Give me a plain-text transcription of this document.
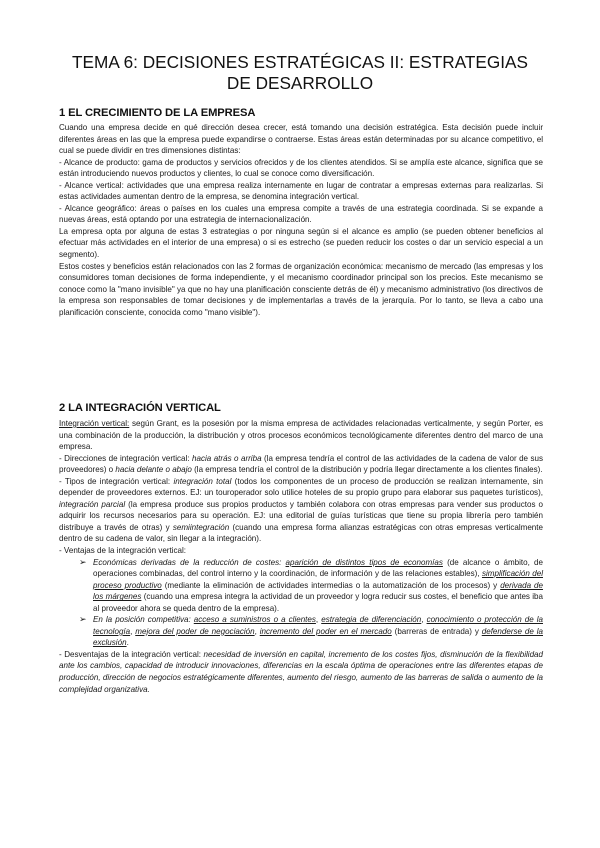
TEMA 6: DECISIONES ESTRATÉGICAS II: ESTRATEGIAS DE DESARROLLO
1 EL CRECIMIENTO DE LA EMPRESA

Cuando una empresa decide en qué dirección desea crecer, está tomando una decisión estratégica. Esta decisión puede incluir diferentes áreas en las que la empresa puede expandirse o contraerse. Estas áreas están determinadas por su alcance competitivo, el cual se puede dividir en tres dimensiones distintas:

- Alcance de producto: gama de productos y servicios ofrecidos y de los clientes atendidos. Si se amplía este alcance, significa que se están introduciendo nuevos productos y clientes, lo cual se conoce como diversificación.

- Alcance vertical: actividades que una empresa realiza internamente en lugar de contratar a empresas externas para realizarlas. Si estas actividades aumentan dentro de la empresa, se denomina integración vertical.

- Alcance geográfico: áreas o países en los cuales una empresa compite a través de una estrategia coordinada. Si se expande a nuevas áreas, está optando por una estrategia de internacionalización.

La empresa opta por alguna de estas 3 estrategias o por ninguna según si el alcance es amplio (se pueden obtener beneficios al efectuar más actividades en el interior de una empresa) o si es estrecho (se pueden reducir los costes o dar un servicio especial a un segmento).

Estos costes y beneficios están relacionados con las 2 formas de organización económica: mecanismo de mercado (las empresas y los consumidores toman decisiones de forma independiente, y el mecanismo coordinador principal son los precios. Este mecanismo se conoce como la "mano invisible" ya que no hay una planificación consciente detrás de él) y mecanismo administrativo (los directivos de la empresa son responsables de tomar decisiones y de implementarlas a través de la jerarquía. Por lo tanto, se lleva a cabo una planificación consciente, conocida como "mano visible").

2 LA INTEGRACIÓN VERTICAL

Integración vertical: según Grant, es la posesión por la misma empresa de actividades relacionadas verticalmente, y según Porter, es una combinación de la producción, la distribución y otros procesos económicos tecnológicamente diferentes dentro del marco de una empresa.

- Direcciones de integración vertical: hacia atrás o arriba (la empresa tendría el control de las actividades de la cadena de valor de sus proveedores) o hacia delante o abajo (la empresa tendría el control de la distribución y podría llegar directamente a los clientes finales).

- Tipos de integración vertical: integración total (todos los componentes de un proceso de producción se realizan internamente, sin depender de proveedores externos. EJ: un touroperador solo utilice hoteles de su propio grupo para elaborar sus paquetes turísticos), integración parcial (la empresa produce sus propios productos y también colabora con otras empresas para vender sus productos o adquirir los recursos necesarios para su operación. EJ: una editorial de guías turísticas que tiene su propia librería pero también distribuye a través de otras) y semiintegración (cuando una empresa forma alianzas estratégicas con otras empresas verticalmente dentro de su cadena de valor, sin llegar a la integración).

- Ventajas de la integración vertical:

➢ Económicas derivadas de la reducción de costes: aparición de distintos tipos de economías (de alcance o ámbito, de operaciones combinadas, del control interno y la coordinación, de información y de las relaciones estables), simplificación del proceso productivo (mediante la eliminación de actividades intermedias o la automatización de los procesos) y derivada de los márgenes (cuando una empresa integra la actividad de un proveedor y logra reducir sus costes, el beneficio que antes iba al proveedor ahora se queda dentro de la empresa).
➢ En la posición competitiva: acceso a suministros o a clientes, estrategia de diferenciación, conocimiento o protección de la tecnología, mejora del poder de negociación, incremento del poder en el mercado (barreras de entrada) y defenderse de la exclusión.

- Desventajas de la integración vertical: necesidad de inversión en capital, incremento de los costes fijos, disminución de la flexibilidad ante los cambios, capacidad de introducir innovaciones, diferencias en la escala óptima de operaciones entre las diferentes etapas de producción, dirección de negocios estratégicamente diferentes, aumento del riesgo, aumento de las barreras de salida o aumento de la complejidad organizativa.
